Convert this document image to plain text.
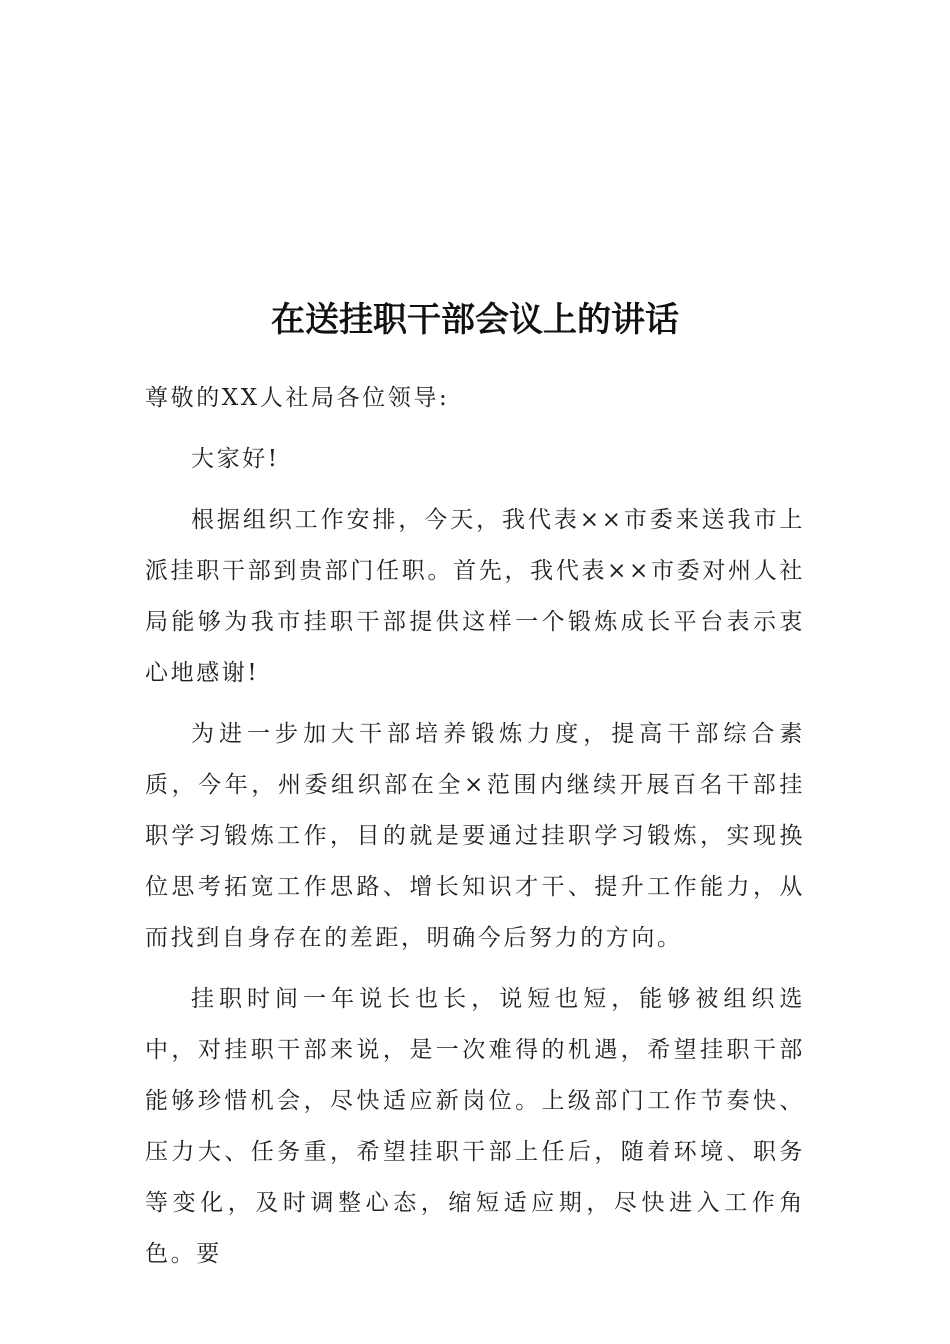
在送挂职干部会议上的讲话

尊敬的XX人社局各位领导:

大家好!

根据组织工作安排，今天，我代表××市委来送我市上派挂职干部到贵部门任职。首先，我代表××市委对州人社局能够为我市挂职干部提供这样一个锻炼成长平台表示衷心地感谢!

为进一步加大干部培养锻炼力度，提高干部综合素质，今年，州委组织部在全×范围内继续开展百名干部挂职学习锻炼工作，目的就是要通过挂职学习锻炼，实现换位思考拓宽工作思路、增长知识才干、提升工作能力，从而找到自身存在的差距，明确今后努力的方向。

挂职时间一年说长也长，说短也短，能够被组织选中，对挂职干部来说，是一次难得的机遇，希望挂职干部能够珍惜机会，尽快适应新岗位。上级部门工作节奏快、压力大、任务重，希望挂职干部上任后，随着环境、职务等变化，及时调整心态，缩短适应期，尽快进入工作角色。要
